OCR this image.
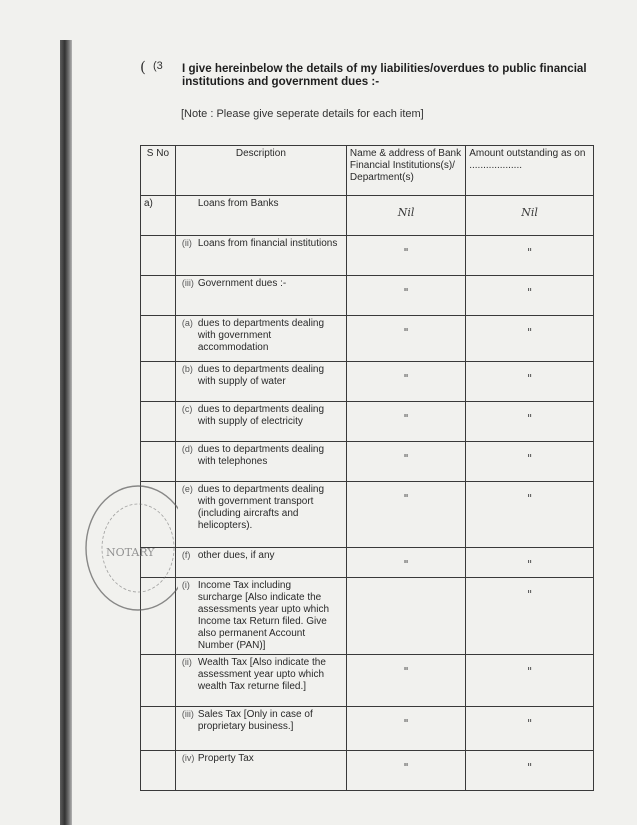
( (3 I give hereinbelow the details of my liabilities/overdues to public financial institutions and government dues :-
[Note : Please give seperate details for each item]
S No	Description	Name & address of Bank Financial Institutions(s)/ Department(s)	Amount outstanding as on ...................
a)	Loans from Banks	Nil	Nil

	(ii) Loans from financial institutions	"	"

	(iii) Government dues :-	"	"

	(a) dues to departments dealing with government accommodation	"	"

	(b) dues to departments dealing with supply of water	"	"

	(c) dues to departments dealing with supply of electricity	"	"

	(d) dues to departments dealing with telephones	"	"

	(e) dues to departments dealing with government transport (including aircrafts and helicopters).	"	"

	(f) other dues, if any	"	"

	(i) Income Tax including surcharge [Also indicate the assessments year upto which Income tax Return filed. Give also permanent Account Number (PAN)]		"

	(ii) Wealth Tax [Also indicate the assessment year upto which wealth Tax returne filed.]	"	"

	(iii) Sales Tax [Only in case of proprietary business.]	"	"

	(iv) Property Tax	"	"
NOTARY
